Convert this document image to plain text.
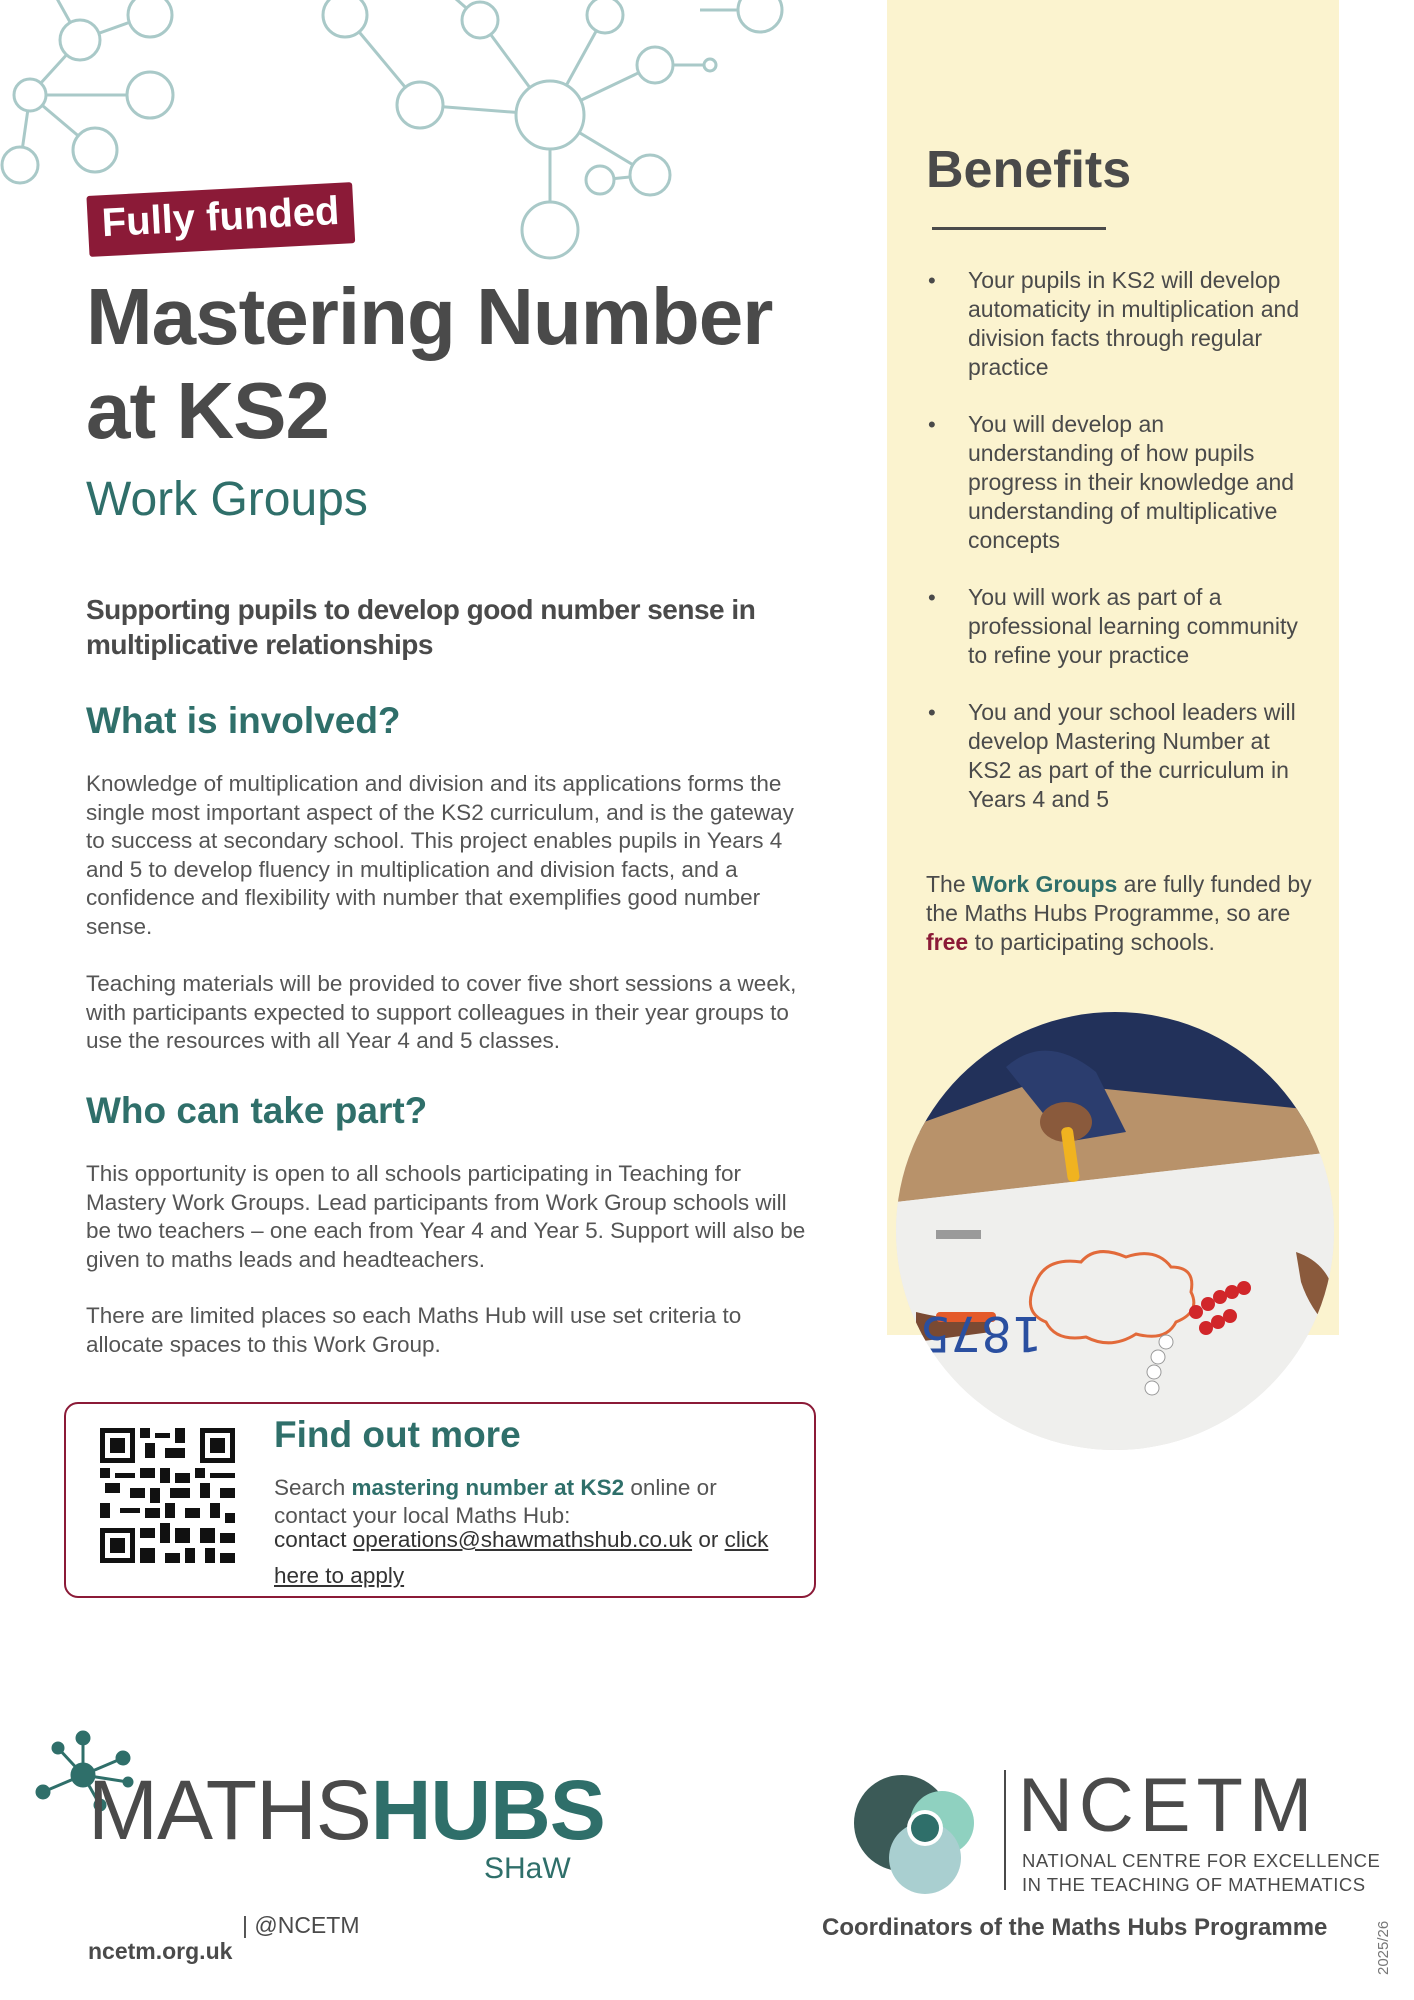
Benefits
• Your pupils in KS2 will develop automaticity in multiplication and division facts through regular practice
• You will develop an understanding of how pupils progress in their knowledge and understanding of multiplicative concepts
• You will work as part of a professional learning community to refine your practice
• You and your school leaders will develop Mastering Number at KS2 as part of the curriculum in Years 4 and 5

The Work Groups are fully funded by the Maths Hubs Programme, so are free to participating schools.

1875
Fully funded
Mastering Number at KS2
Work Groups

Supporting pupils to develop good number sense in multiplicative relationships

What is involved?

Knowledge of multiplication and division and its applications forms the single most important aspect of the KS2 curriculum, and is the gateway to success at secondary school. This project enables pupils in Years 4 and 5 to develop fluency in multiplication and division facts, and a confidence and flexibility with number that exemplifies good number sense.

Teaching materials will be provided to cover five short sessions a week, with participants expected to support colleagues in their year groups to use the resources with all Year 4 and 5 classes.

Who can take part?

This opportunity is open to all schools participating in Teaching for Mastery Work Groups. Lead participants from Work Group schools will be two teachers – one each from Year 4 and Year 5. Support will also be given to maths leads and headteachers.

There are limited places so each Maths Hub will use set criteria to allocate spaces to this Work Group.

Find out more

Search mastering number at KS2 online or contact your local Maths Hub:

contact operations@shawmathshub.co.uk or click here to apply

MATHSHUBS
SHaW
ncetm.org.uk
| @NCETM
NCETM
NATIONAL CENTRE FOR EXCELLENCE
IN THE TEACHING OF MATHEMATICS
Coordinators of the Maths Hubs Programme	2025/26
